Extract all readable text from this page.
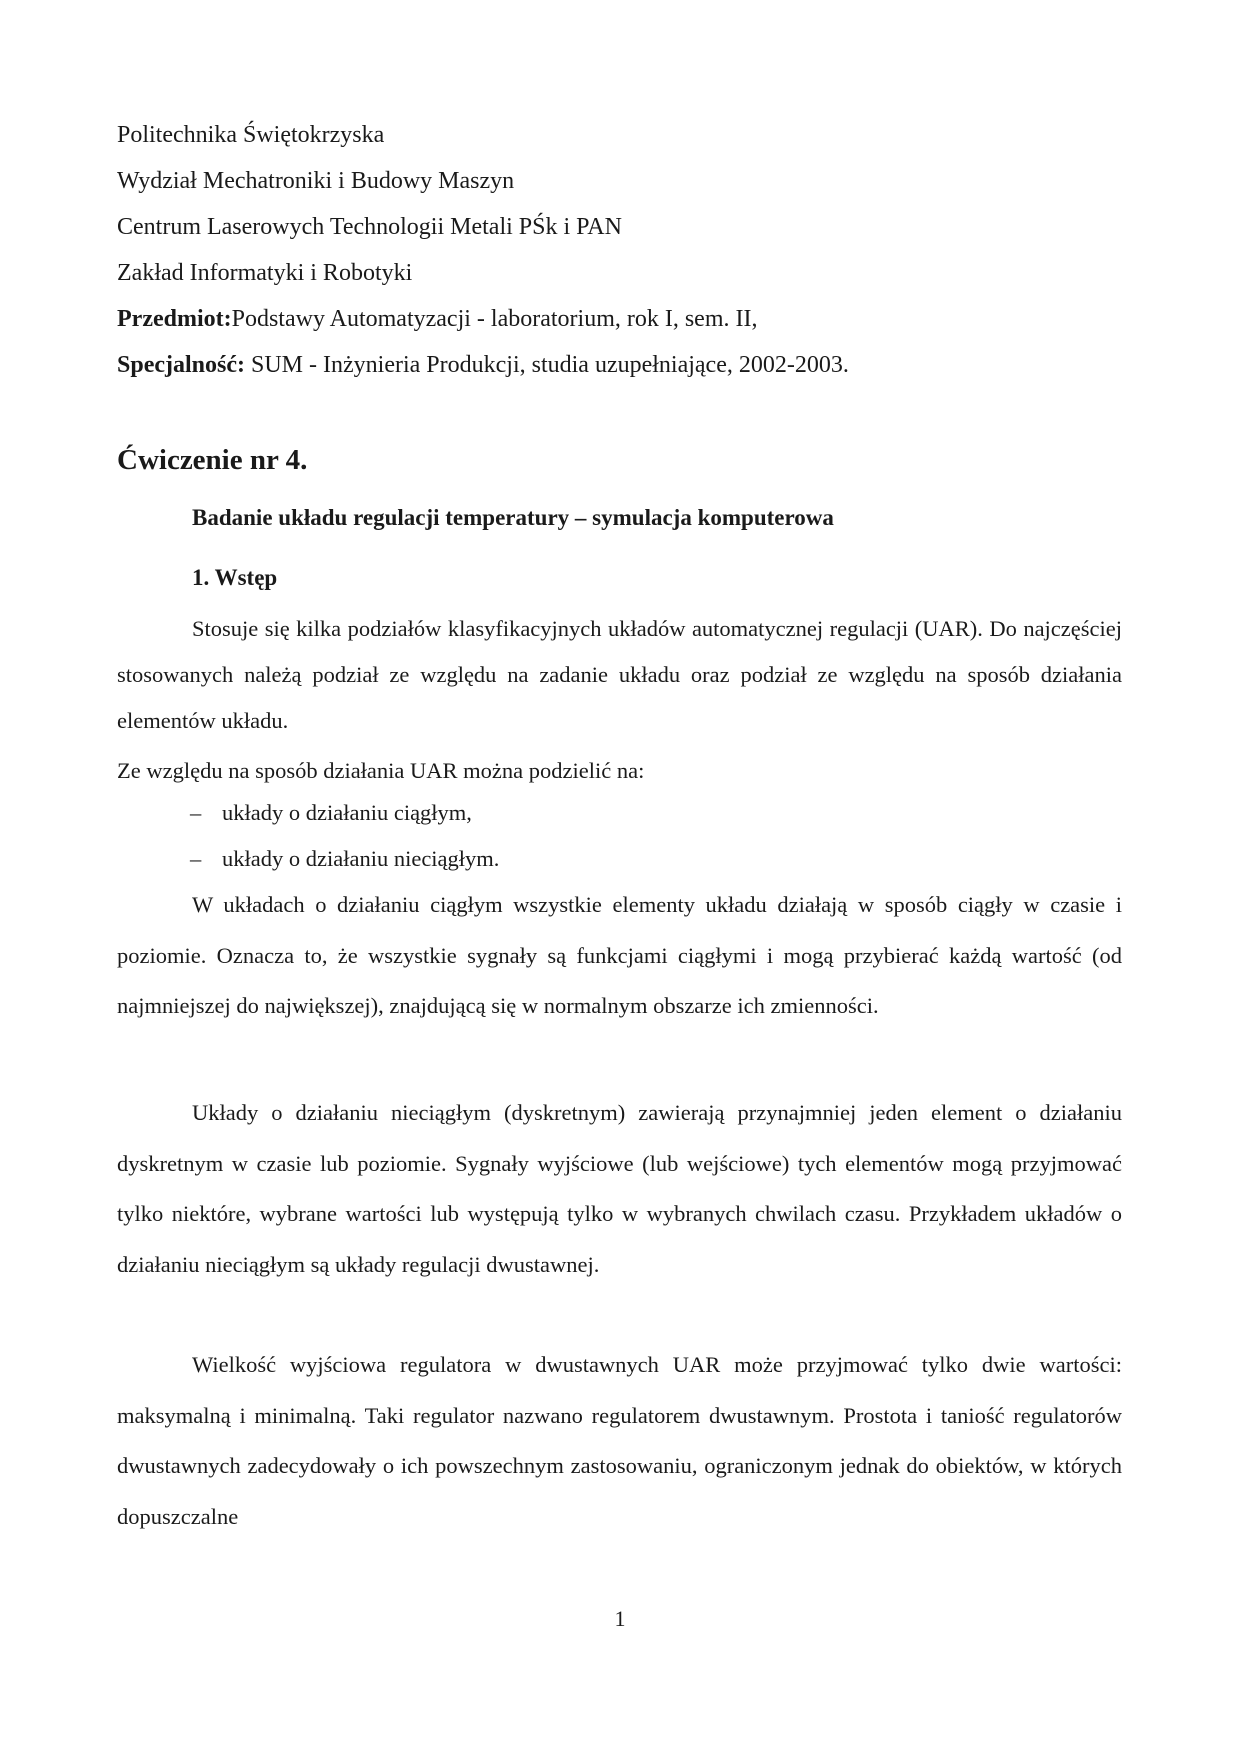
Politechnika Świętokrzyska
Wydział Mechatroniki i Budowy Maszyn
Centrum Laserowych Technologii Metali PŚk i PAN
Zakład Informatyki i Robotyki
Przedmiot:Podstawy Automatyzacji - laboratorium, rok I, sem. II,
Specjalność: SUM - Inżynieria Produkcji, studia uzupełniające, 2002-2003.
Ćwiczenie nr 4.
Badanie układu regulacji temperatury – symulacja komputerowa
1. Wstęp

Stosuje się kilka podziałów klasyfikacyjnych układów automatycznej regulacji (UAR). Do najczęściej stosowanych należą podział ze względu na zadanie układu oraz podział ze względu na sposób działania elementów układu.

Ze względu na sposób działania UAR można podzielić na:

– układy o działaniu ciągłym,
– układy o działaniu nieciągłym.

W układach o działaniu ciągłym wszystkie elementy układu działają w sposób ciągły w czasie i poziomie. Oznacza to, że wszystkie sygnały są funkcjami ciągłymi i mogą przybierać każdą wartość (od najmniejszej do największej), znajdującą się w normalnym obszarze ich zmienności.

Układy o działaniu nieciągłym (dyskretnym) zawierają przynajmniej jeden element o działaniu dyskretnym w czasie lub poziomie. Sygnały wyjściowe (lub wejściowe) tych elementów mogą przyjmować tylko niektóre, wybrane wartości lub występują tylko w wybranych chwilach czasu. Przykładem układów o działaniu nieciągłym są układy regulacji dwustawnej.

Wielkość wyjściowa regulatora w dwustawnych UAR może przyjmować tylko dwie wartości: maksymalną i minimalną. Taki regulator nazwano regulatorem dwustawnym. Prostota i taniość regulatorów dwustawnych zadecydowały o ich powszechnym zastosowaniu, ograniczonym jednak do obiektów, w których dopuszczalne

1
